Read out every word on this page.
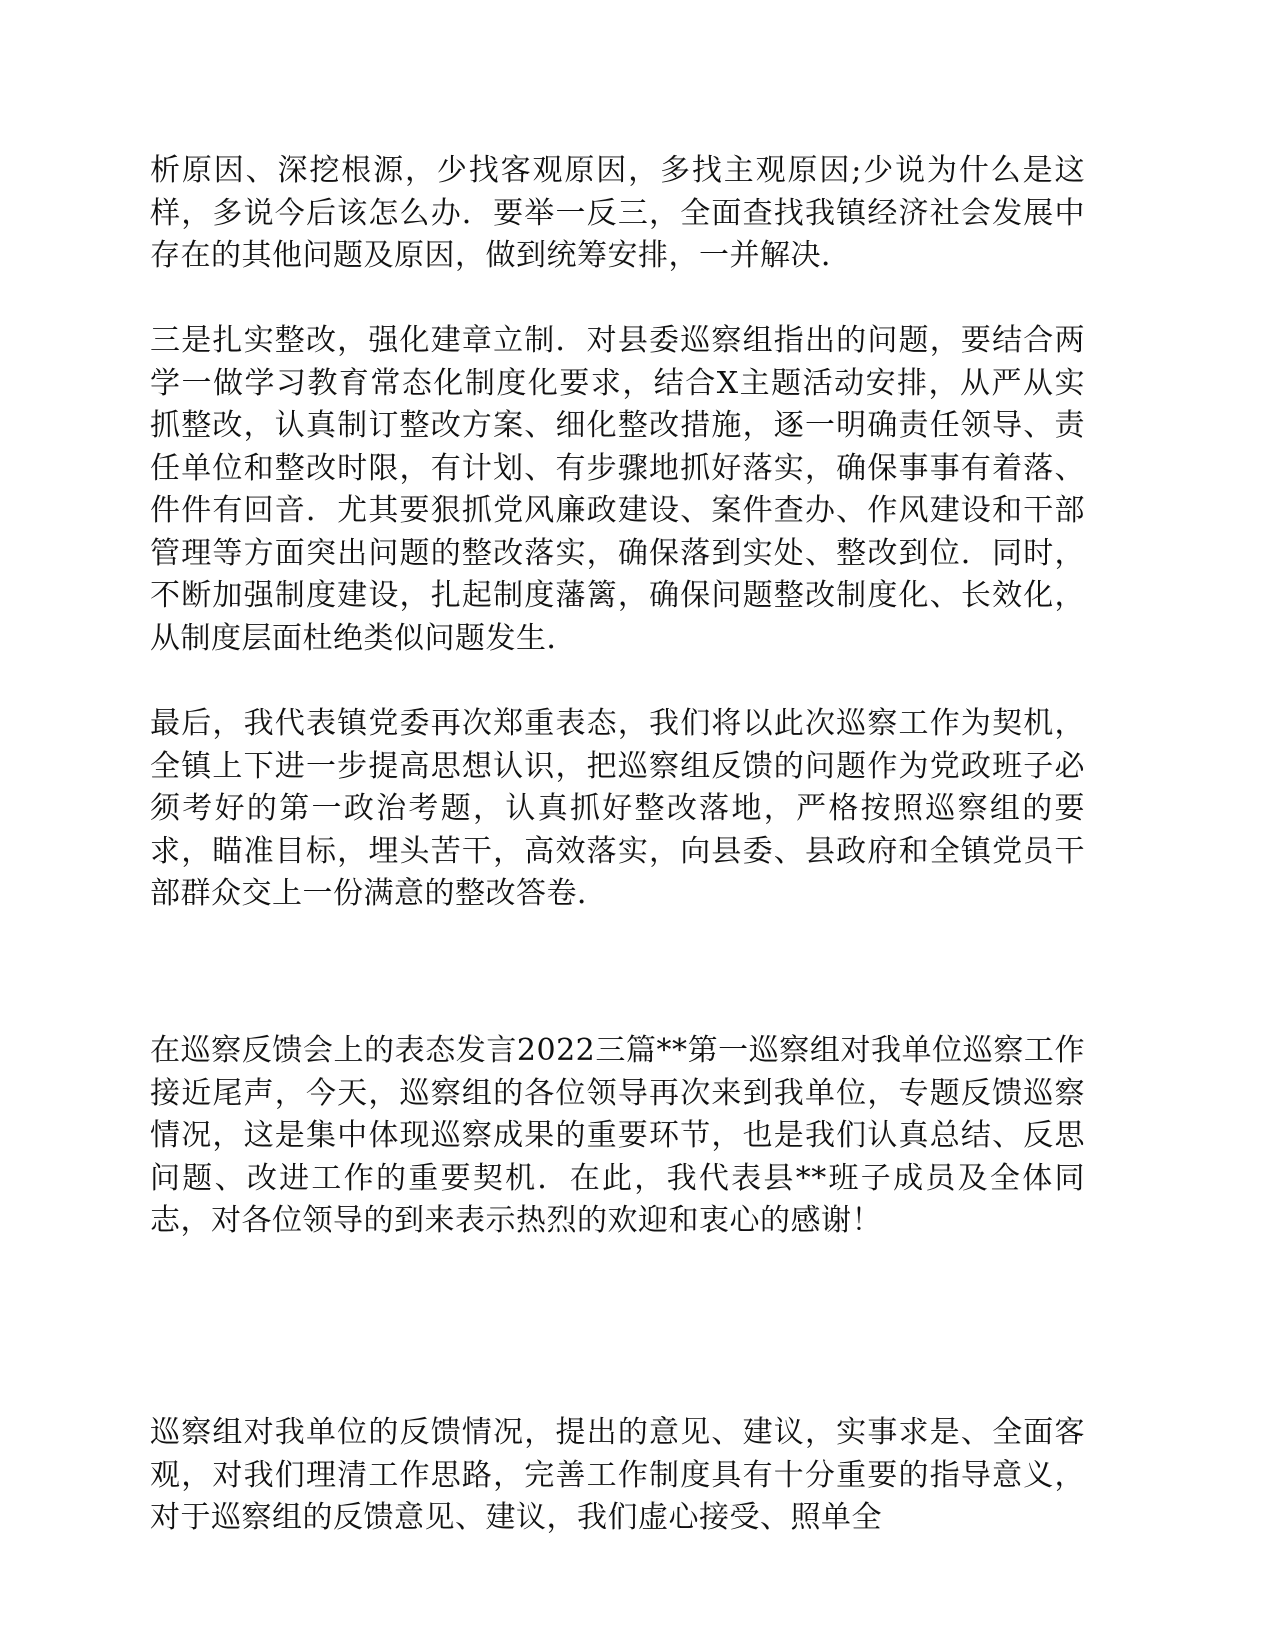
析原因、深挖根源，少找客观原因，多找主观原因;少说为什么是这样，多说今后该怎么办．要举一反三，全面查找我镇经济社会发展中存在的其他问题及原因，做到统筹安排，一并解决．

三是扎实整改，强化建章立制．对县委巡察组指出的问题，要结合两学一做学习教育常态化制度化要求，结合X主题活动安排，从严从实抓整改，认真制订整改方案、细化整改措施，逐一明确责任领导、责任单位和整改时限，有计划、有步骤地抓好落实，确保事事有着落、件件有回音．尤其要狠抓党风廉政建设、案件查办、作风建设和干部管理等方面突出问题的整改落实，确保落到实处、整改到位．同时，不断加强制度建设，扎起制度藩篱，确保问题整改制度化、长效化，从制度层面杜绝类似问题发生．

最后，我代表镇党委再次郑重表态，我们将以此次巡察工作为契机，全镇上下进一步提高思想认识，把巡察组反馈的问题作为党政班子必须考好的第一政治考题，认真抓好整改落地，严格按照巡察组的要求，瞄准目标，埋头苦干，高效落实，向县委、县政府和全镇党员干部群众交上一份满意的整改答卷．

在巡察反馈会上的表态发言2022三篇**第一巡察组对我单位巡察工作接近尾声，今天，巡察组的各位领导再次来到我单位，专题反馈巡察情况，这是集中体现巡察成果的重要环节，也是我们认真总结、反思问题、改进工作的重要契机．在此，我代表县**班子成员及全体同志，对各位领导的到来表示热烈的欢迎和衷心的感谢！

巡察组对我单位的反馈情况，提出的意见、建议，实事求是、全面客观，对我们理清工作思路，完善工作制度具有十分重要的指导意义，对于巡察组的反馈意见、建议，我们虚心接受、照单全
